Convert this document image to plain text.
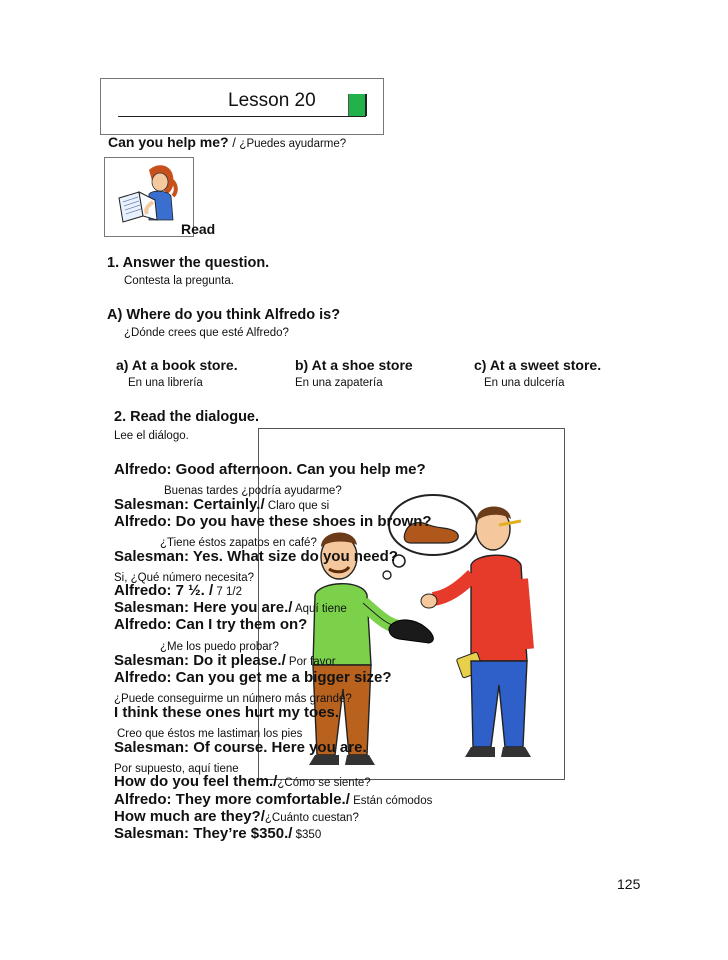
Lesson 20
Can you help me? / ¿Puedes ayudarme?
Read
1. Answer the question.
Contesta la pregunta.
A) Where do you think Alfredo is?
¿Dónde crees que esté Alfredo?
a) At a book store.
En una librería
b) At a shoe store
En una zapatería
c) At a sweet store.
En una dulcería
2. Read the dialogue.
Lee el diálogo.
Alfredo: Good afternoon. Can you help me?
Buenas tardes ¿podría ayudarme?
Salesman: Certainly./ Claro que si
Alfredo: Do you have these shoes in brown?
¿Tiene éstos zapatos en café?
Salesman: Yes. What size do you need?
Si, ¿Qué número necesita?
Alfredo: 7 ½. / 7 1/2
Salesman: Here you are./ Aquí tiene
Alfredo: Can I try them on?
¿Me los puedo probar?
Salesman: Do it please./ Por favor
Alfredo: Can you get me a bigger size?
¿Puede conseguirme un número más grande?
I think these ones hurt my toes.
Creo que éstos me lastiman los pies
Salesman: Of course. Here you are.
Por supuesto, aquí tiene
How do you feel them./¿Cómo se siente?
Alfredo: They more comfortable./ Están cómodos
How much are they?/¿Cuánto cuestan?
Salesman: They’re $350./ $350
125
